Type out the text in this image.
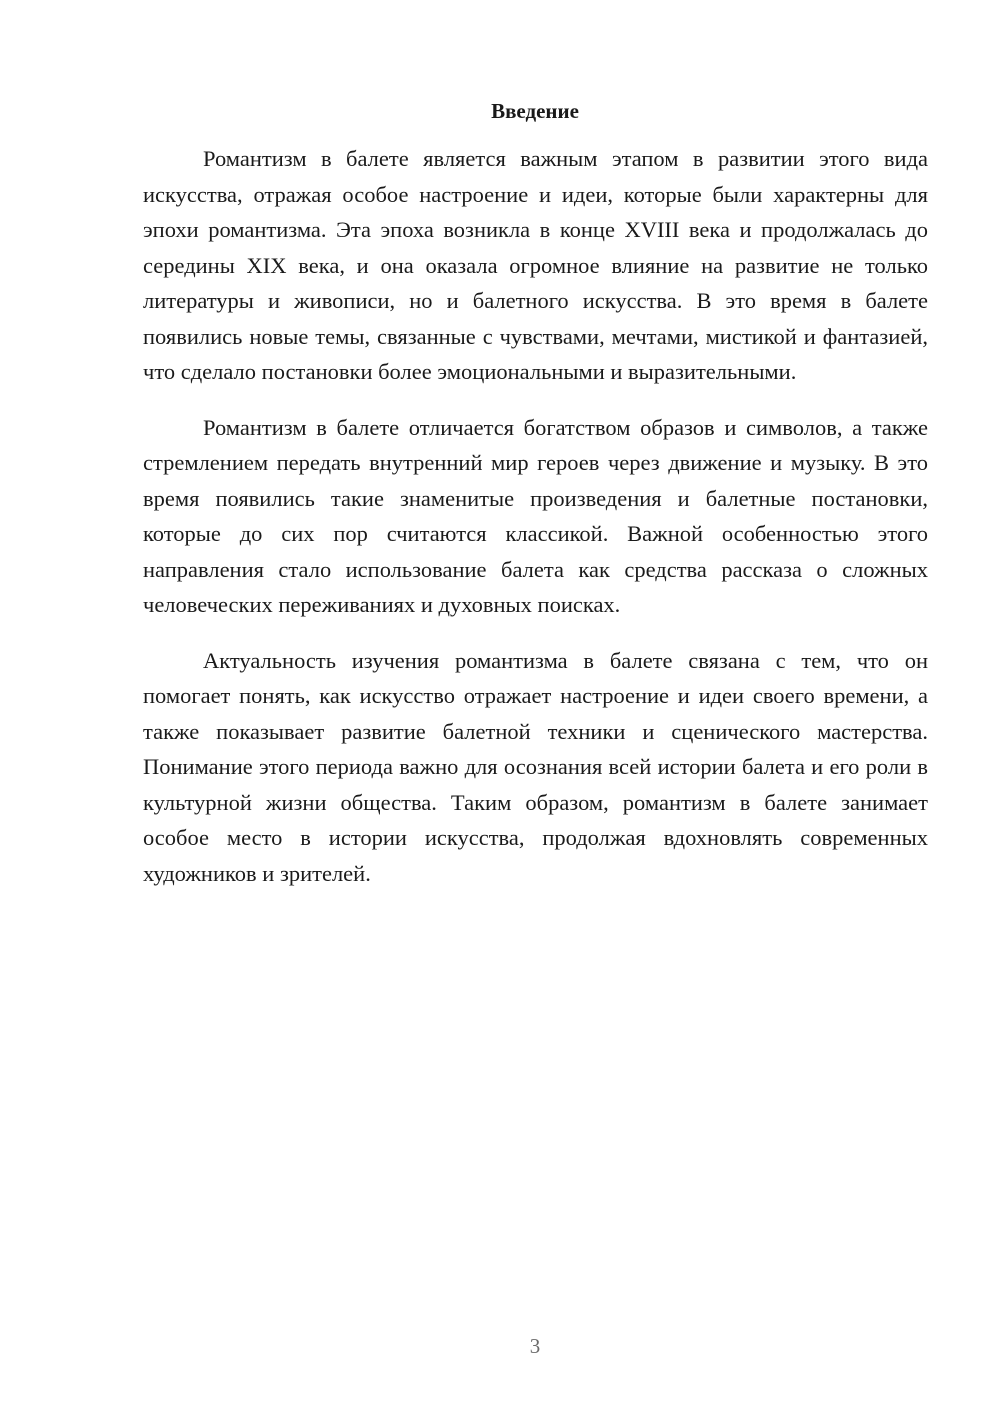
Введение

Романтизм в балете является важным этапом в развитии этого вида искусства, отражая особое настроение и идеи, которые были характерны для эпохи романтизма. Эта эпоха возникла в конце XVIII века и продолжалась до середины XIX века, и она оказала огромное влияние на развитие не только литературы и живописи, но и балетного искусства. В это время в балете появились новые темы, связанные с чувствами, мечтами, мистикой и фантазией, что сделало постановки более эмоциональными и выразительными.

Романтизм в балете отличается богатством образов и символов, а также стремлением передать внутренний мир героев через движение и музыку. В это время появились такие знаменитые произведения и балетные постановки, которые до сих пор считаются классикой. Важной особенностью этого направления стало использование балета как средства рассказа о сложных человеческих переживаниях и духовных поисках.

Актуальность изучения романтизма в балете связана с тем, что он помогает понять, как искусство отражает настроение и идеи своего времени, а также показывает развитие балетной техники и сценического мастерства. Понимание этого периода важно для осознания всей истории балета и его роли в культурной жизни общества. Таким образом, романтизм в балете занимает особое место в истории искусства, продолжая вдохновлять современных художников и зрителей.

3
